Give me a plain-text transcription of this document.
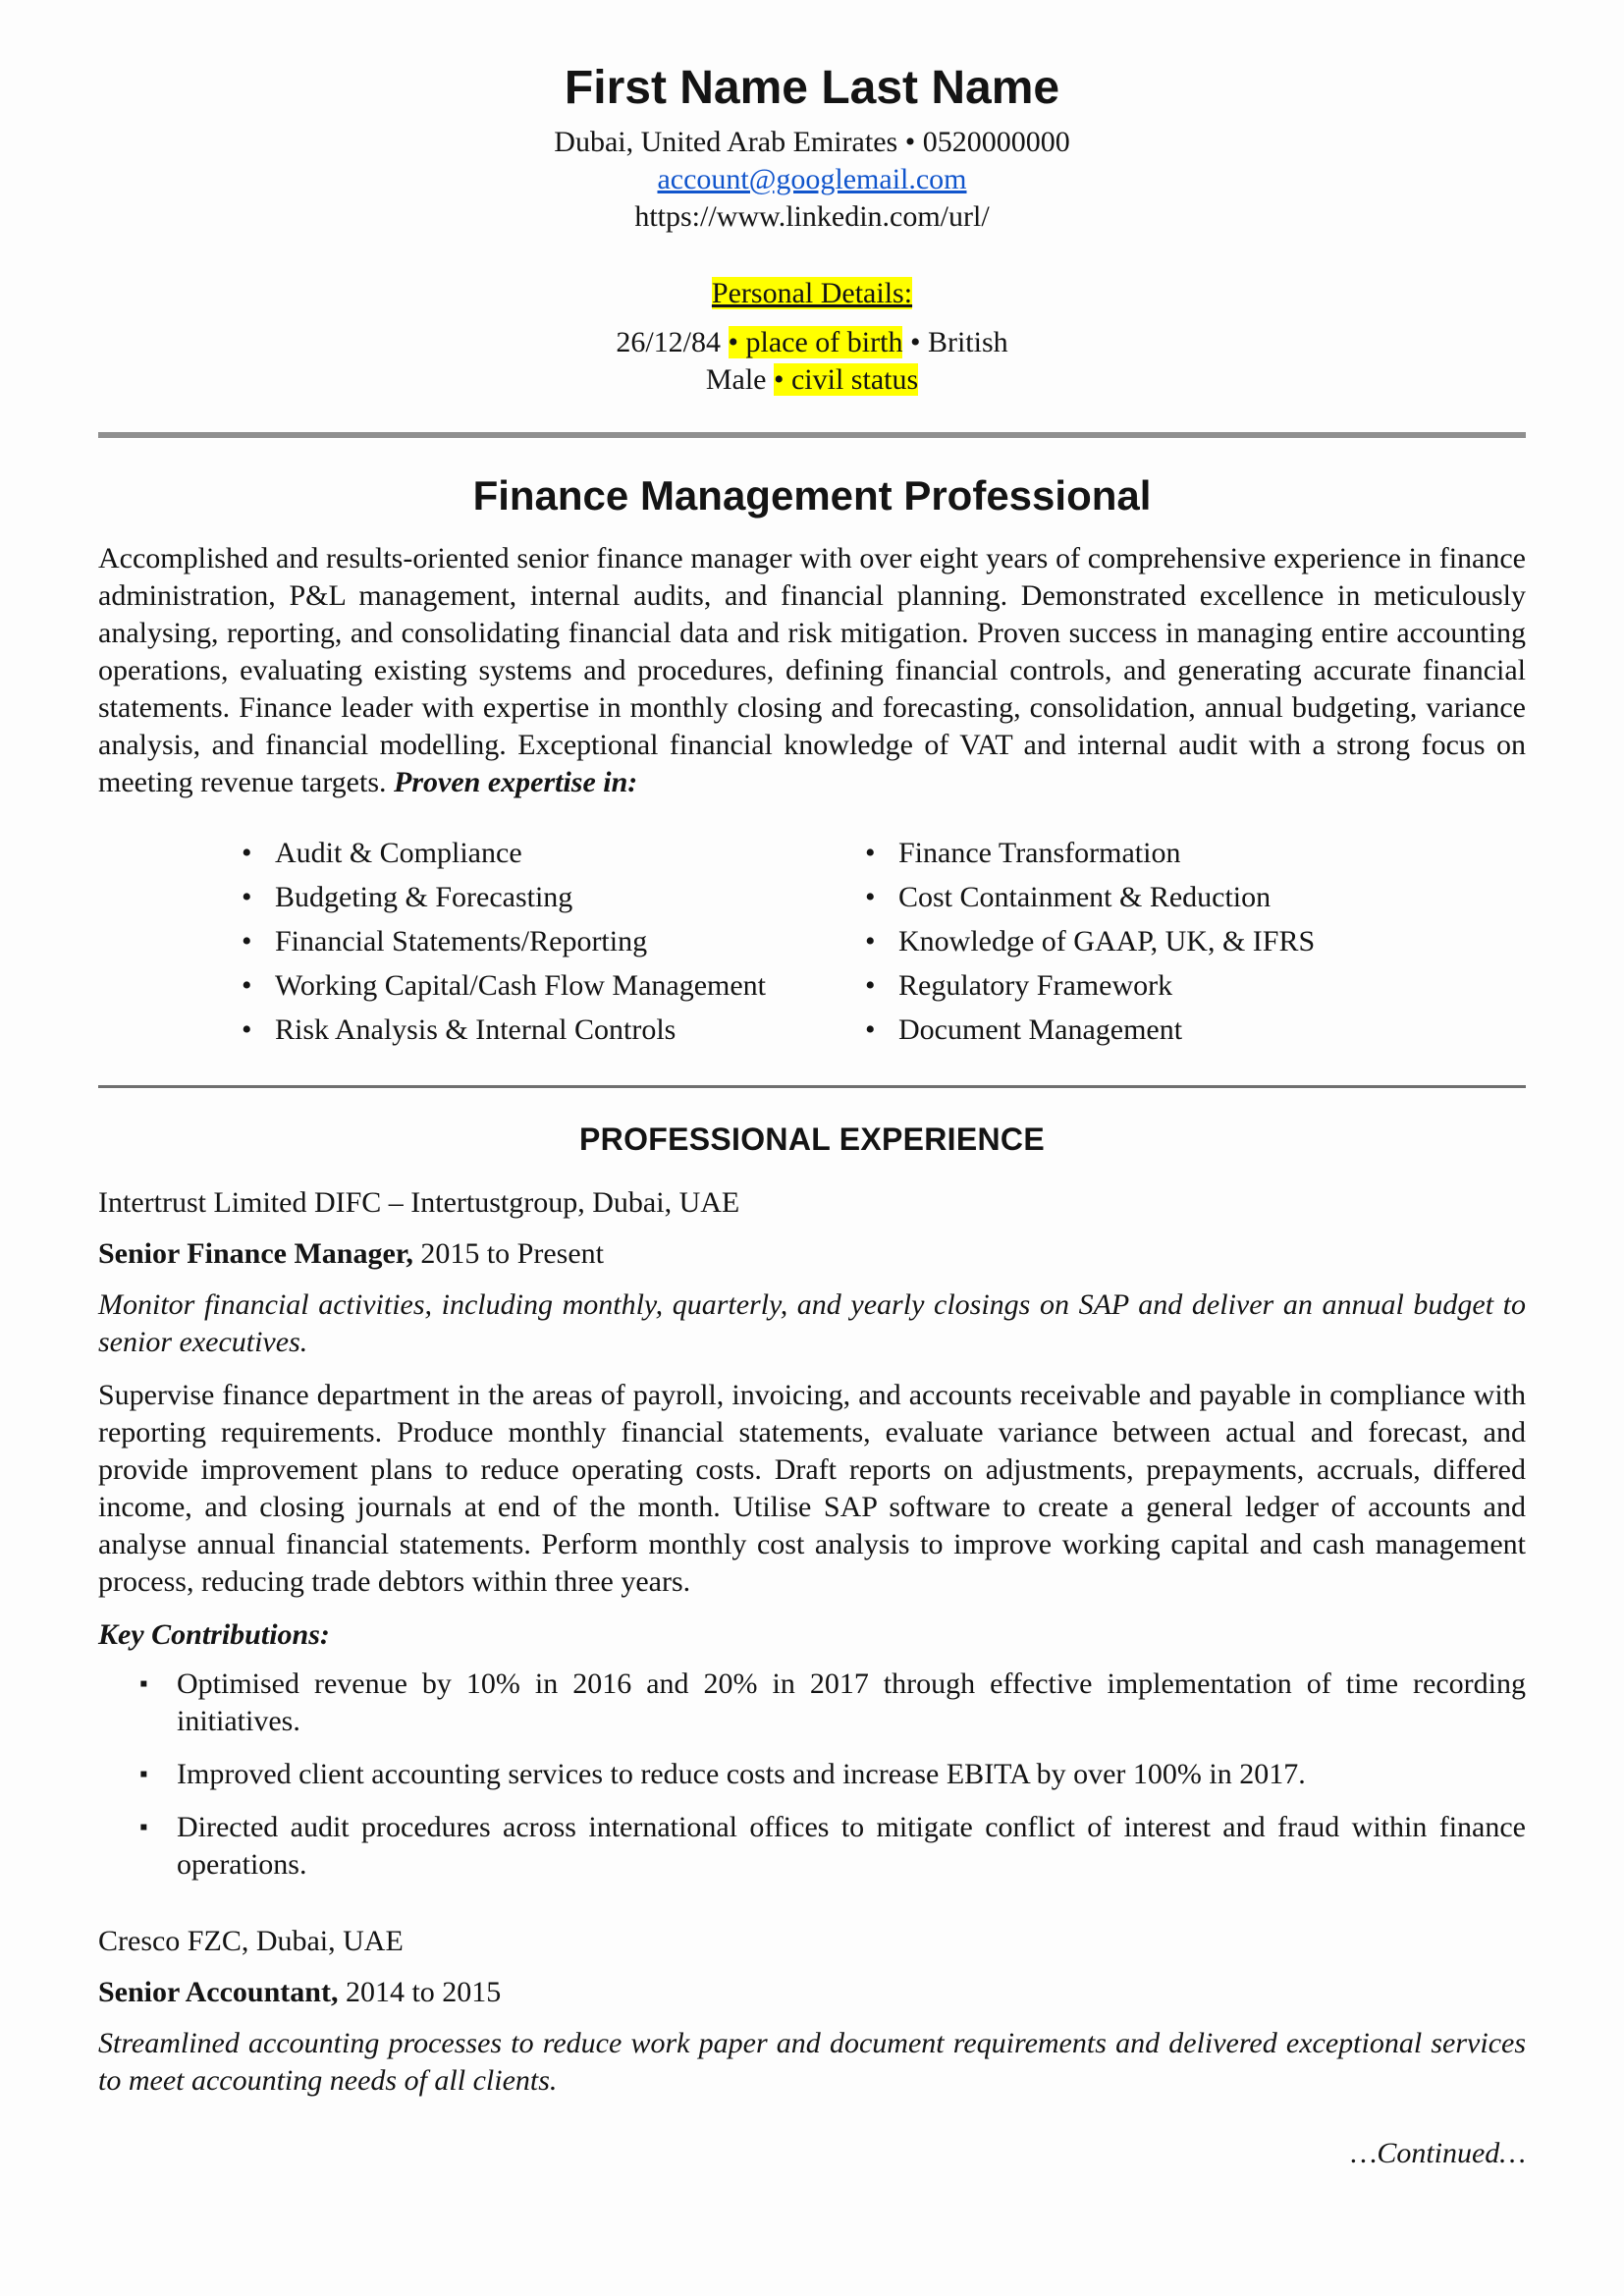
First Name Last Name
Dubai, United Arab Emirates • 0520000000
account@googlemail.com
https://www.linkedin.com/url/
Personal Details:
26/12/84 • place of birth • British
Male • civil status
Finance Management Professional

Accomplished and results-oriented senior finance manager with over eight years of comprehensive experience in finance administration, P&L management, internal audits, and financial planning. Demonstrated excellence in meticulously analysing, reporting, and consolidating financial data and risk mitigation. Proven success in managing entire accounting operations, evaluating existing systems and procedures, defining financial controls, and generating accurate financial statements. Finance leader with expertise in monthly closing and forecasting, consolidation, annual budgeting, variance analysis, and financial modelling. Exceptional financial knowledge of VAT and internal audit with a strong focus on meeting revenue targets. Proven expertise in:

• Audit & Compliance
• Budgeting & Forecasting
• Financial Statements/Reporting
• Working Capital/Cash Flow Management
• Risk Analysis & Internal Controls
• Finance Transformation
• Cost Containment & Reduction
• Knowledge of GAAP, UK, & IFRS
• Regulatory Framework
• Document Management
PROFESSIONAL EXPERIENCE
Intertrust Limited DIFC – Intertustgroup, Dubai, UAE
Senior Finance Manager, 2015 to Present

Monitor financial activities, including monthly, quarterly, and yearly closings on SAP and deliver an annual budget to senior executives.

Supervise finance department in the areas of payroll, invoicing, and accounts receivable and payable in compliance with reporting requirements. Produce monthly financial statements, evaluate variance between actual and forecast, and provide improvement plans to reduce operating costs. Draft reports on adjustments, prepayments, accruals, differed income, and closing journals at end of the month. Utilise SAP software to create a general ledger of accounts and analyse annual financial statements. Perform monthly cost analysis to improve working capital and cash management process, reducing trade debtors within three years.

Key Contributions:
▪ Optimised revenue by 10% in 2016 and 20% in 2017 through effective implementation of time recording initiatives.
▪ Improved client accounting services to reduce costs and increase EBITA by over 100% in 2017.
▪ Directed audit procedures across international offices to mitigate conflict of interest and fraud within finance operations.
Cresco FZC, Dubai, UAE
Senior Accountant, 2014 to 2015

Streamlined accounting processes to reduce work paper and document requirements and delivered exceptional services to meet accounting needs of all clients.

…Continued…
